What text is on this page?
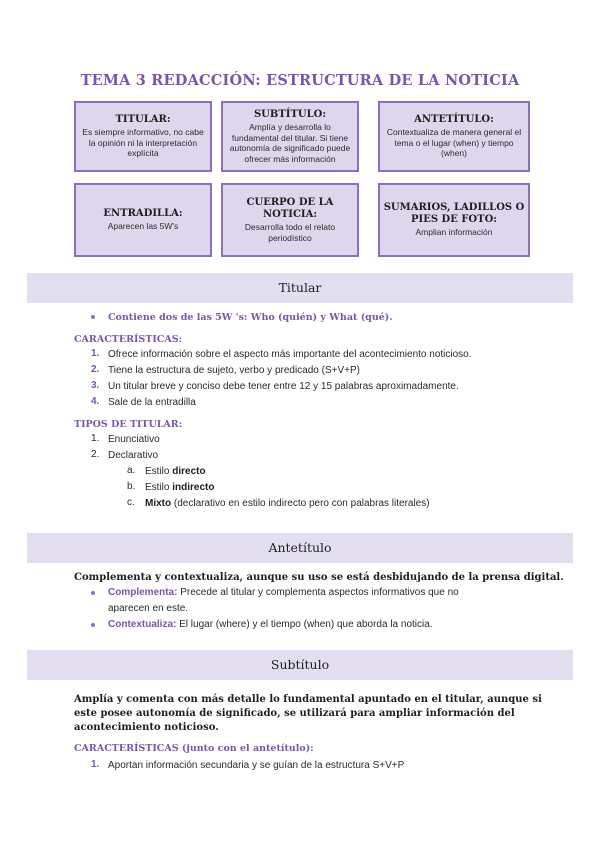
TEMA 3 REDACCIÓN: ESTRUCTURA DE LA NOTICIA
TITULAR:
Es siempre informativo, no cabe la opinión ni la interpretación explícita
SUBTÍTULO:
Amplía y desarrolla lo fundamental del titular. Si tiene autonomía de significado puede ofrecer más información
ANTETÍTULO:
Contextualiza de manera general el tema o el lugar (when) y tiempo (when)
ENTRADILLA:
Aparecen las 5W's
CUERPO DE LA NOTICIA:
Desarrolla todo el relato periodístico
SUMARIOS, LADILLOS O PIES DE FOTO:
Amplian información
Titular
Contiene dos de las 5W 's: Who (quién) y What (qué).
CARACTERÍSTICAS:
1. Ofrece información sobre el aspecto más importante del acontecimiento noticioso.
2. Tiene la estructura de sujeto, verbo y predicado (S+V+P)
3. Un titular breve y conciso debe tener entre 12 y 15 palabras aproximadamente.
4. Sale de la entradilla
TIPOS DE TITULAR:
1. Enunciativo
2. Declarativo
a. Estilo directo
b. Estilo indirecto
c. Mixto (declarativo en estilo indirecto pero con palabras literales)
Antetítulo
Complementa y contextualiza, aunque su uso se está desbidujando de la prensa digital.
Complementa: Precede al titular y complementa aspectos informativos que no
aparecen en este.
Contextualiza: El lugar (where) y el tiempo (when) que aborda la noticia.
Subtítulo
Amplía y comenta con más detalle lo fundamental apuntado en el titular, aunque si
este posee autonomía de significado, se utilizará para ampliar información del
acontecimiento noticioso.
CARACTERÍSTICAS (junto con el antetítulo):
1. Aportan información secundaria y se guían de la estructura S+V+P
